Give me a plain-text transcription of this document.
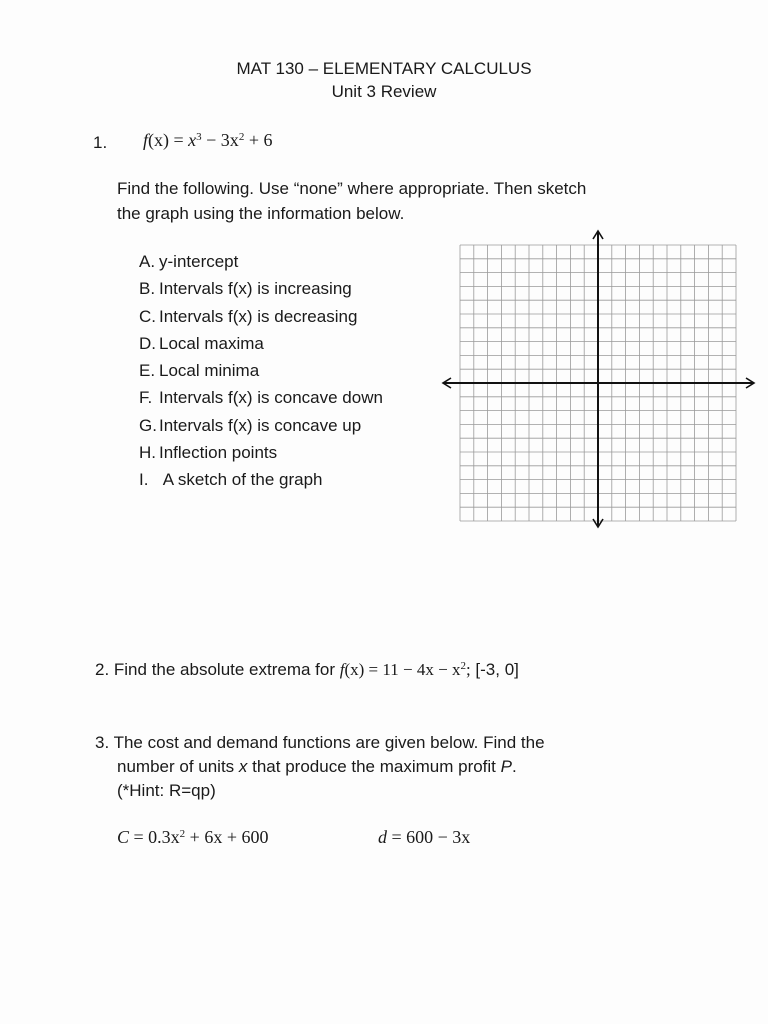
MAT 130 – ELEMENTARY CALCULUS
Unit 3 Review
1. $f(x) = x^3 - 3x^2 + 6$
Find the following. Use “none” where appropriate. Then sketch
the graph using the information below.
A. y-intercept
B. Intervals f(x) is increasing
C. Intervals f(x) is decreasing
D. Local maxima
E. Local minima
F. Intervals f(x) is concave down
G. Intervals f(x) is concave up
H. Inflection points
I. A sketch of the graph
2. Find the absolute extrema for $f(x) = 11 - 4x - x^2$; [-3, 0]
3. The cost and demand functions are given below. Find the
number of units x that produce the maximum profit P.
(*Hint: R=qp)
$C = 0.3x^2 + 6x + 600$	d = 600 − 3x
